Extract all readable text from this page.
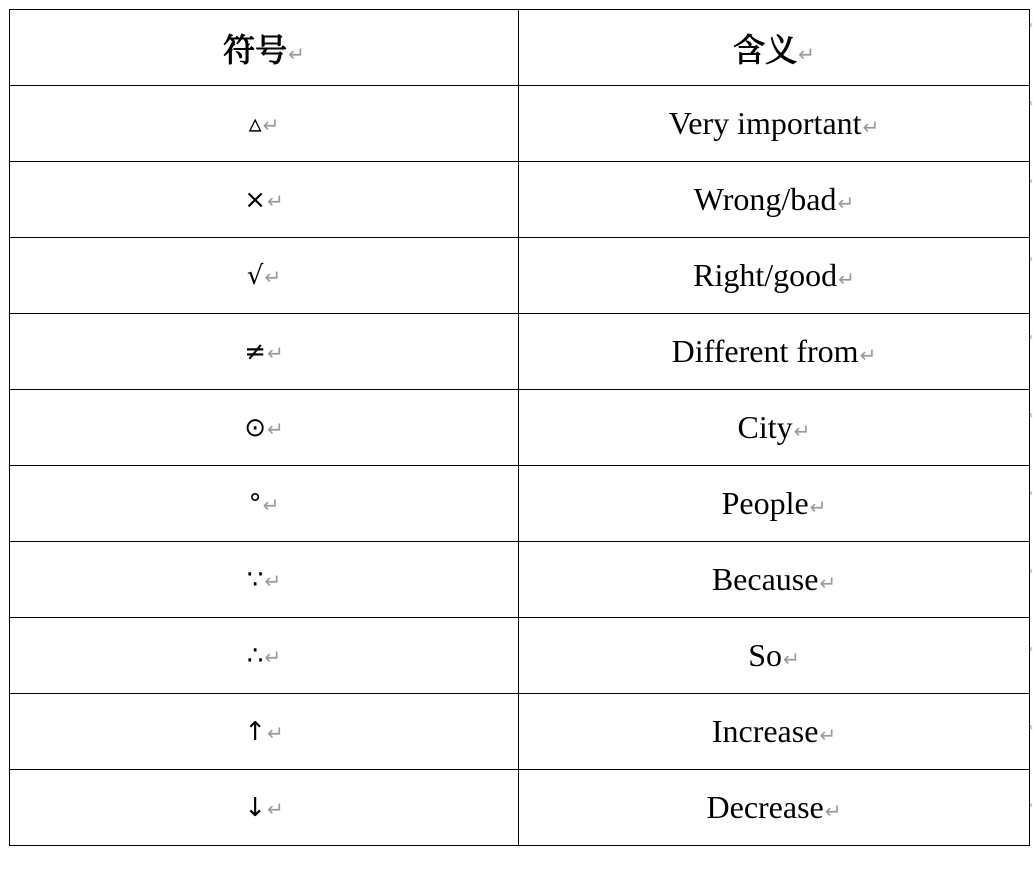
符号↵	含义↵
▵↵	Very important↵
×↵	Wrong/bad↵
√↵	Right/good↵
≠↵	Different from↵
⊙↵	City↵
°↵	People↵
∵↵	Because↵
∴↵	So↵
↑↵	Increase↵
↓↵	Decrease↵
‹
‹
‹
‹
‹
‹
‹
‹
‹
‹
‹
